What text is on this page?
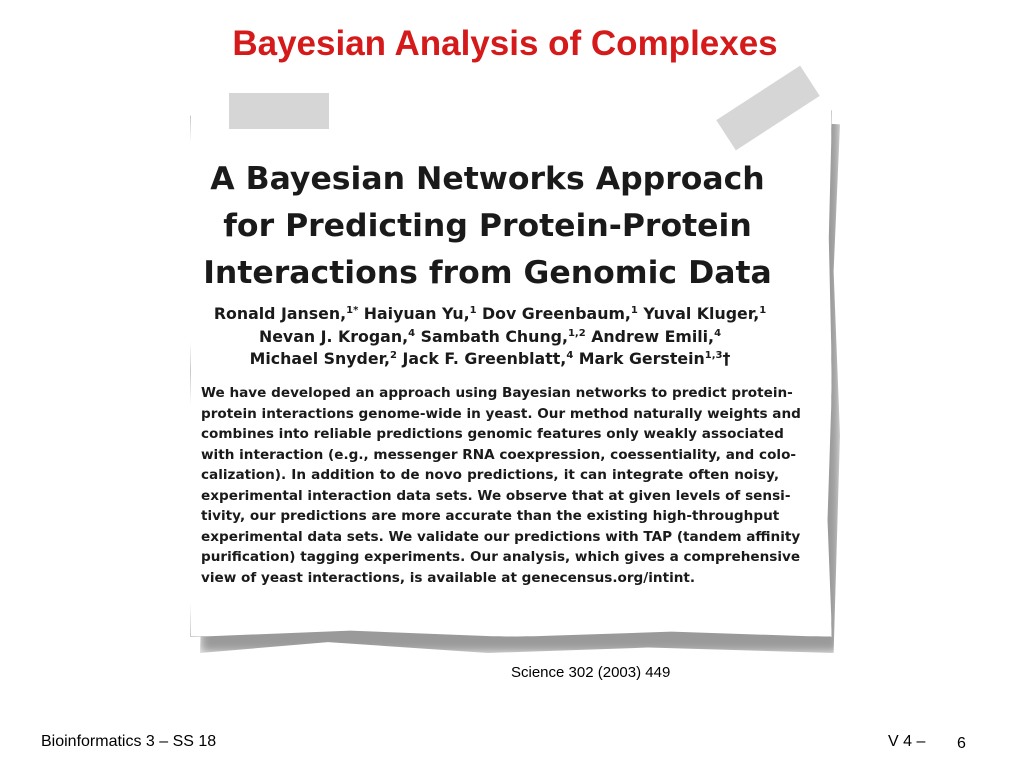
Bayesian Analysis of Complexes
A Bayesian Networks Approach
for Predicting Protein-Protein
Interactions from Genomic Data

Ronald Jansen,$^{1*}$ Haiyuan Yu,$^1$ Dov Greenbaum,$^1$ Yuval Kluger,$^1$
Nevan J. Krogan,$^4$ Sambath Chung,$^{1,2}$ Andrew Emili,$^4$
Michael Snyder,$^2$ Jack F. Greenblatt,$^4$ Mark Gerstein$^{1,3}$†

We have developed an approach using Bayesian networks to predict protein-
protein interactions genome-wide in yeast. Our method naturally weights and
combines into reliable predictions genomic features only weakly associated
with interaction (e.g., messenger RNA coexpression, coessentiality, and colo-
calization). In addition to de novo predictions, it can integrate often noisy,
experimental interaction data sets. We observe that at given levels of sensi-
tivity, our predictions are more accurate than the existing high-throughput
experimental data sets. We validate our predictions with TAP (tandem affinity
purification) tagging experiments. Our analysis, which gives a comprehensive
view of yeast interactions, is available at genecensus.org/intint.

Science 302 (2003) 449

Bioinformatics 3 – SS 18	V 4 – 6
